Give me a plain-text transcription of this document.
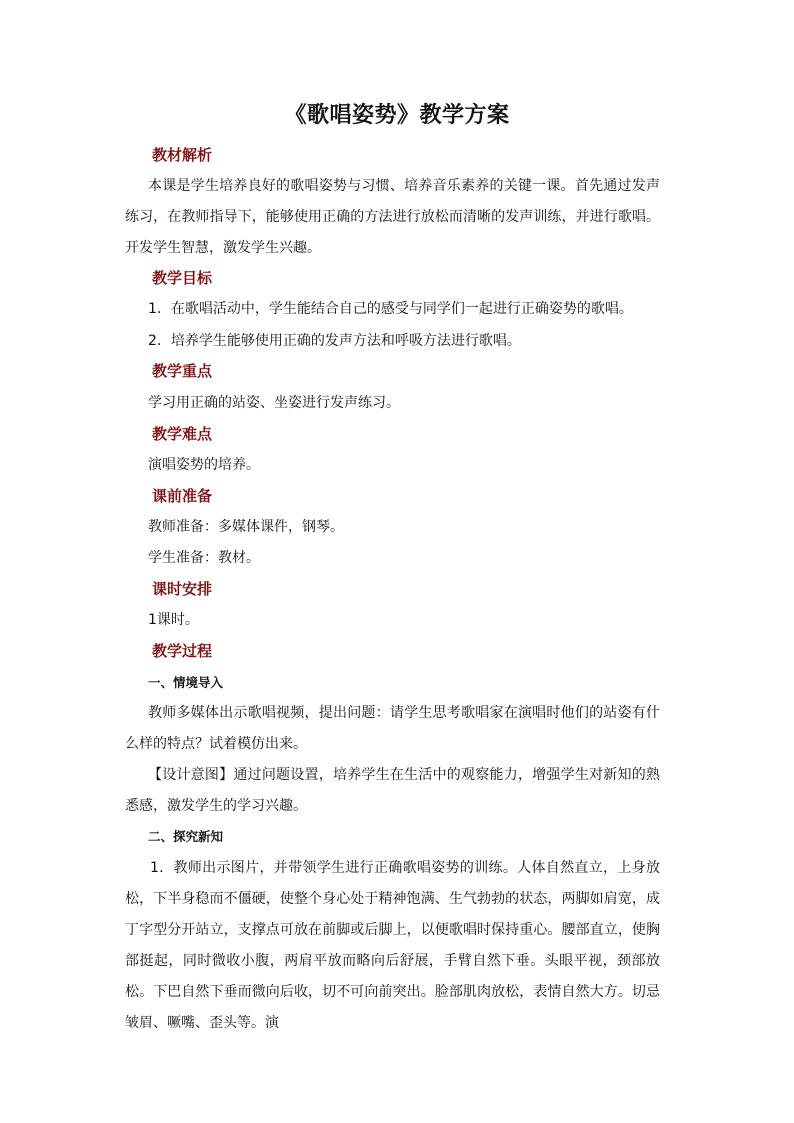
《歌唱姿势》教学方案
教材解析
本课是学生培养良好的歌唱姿势与习惯、培养音乐素养的关键一课。首先通过发声练习，在教师指导下，能够使用正确的方法进行放松而清晰的发声训练，并进行歌唱。开发学生智慧，激发学生兴趣。
教学目标
1．在歌唱活动中，学生能结合自己的感受与同学们一起进行正确姿势的歌唱。
2．培养学生能够使用正确的发声方法和呼吸方法进行歌唱。
教学重点
学习用正确的站姿、坐姿进行发声练习。
教学难点
演唱姿势的培养。
课前准备
教师准备：多媒体课件，钢琴。
学生准备：教材。
课时安排
1课时。
教学过程
一、情境导入
教师多媒体出示歌唱视频，提出问题：请学生思考歌唱家在演唱时他们的站姿有什么样的特点？试着模仿出来。
【设计意图】通过问题设置，培养学生在生活中的观察能力，增强学生对新知的熟悉感，激发学生的学习兴趣。
二、探究新知
1．教师出示图片，并带领学生进行正确歌唱姿势的训练。人体自然直立，上身放松，下半身稳而不僵硬，使整个身心处于精神饱满、生气勃勃的状态，两脚如肩宽，成丁字型分开站立，支撑点可放在前脚或后脚上，以便歌唱时保持重心。腰部直立，使胸部挺起，同时微收小腹，两肩平放而略向后舒展，手臂自然下垂。头眼平视，颈部放松。下巴自然下垂而微向后收，切不可向前突出。脸部肌肉放松，表情自然大方。切忌皱眉、噘嘴、歪头等。演
